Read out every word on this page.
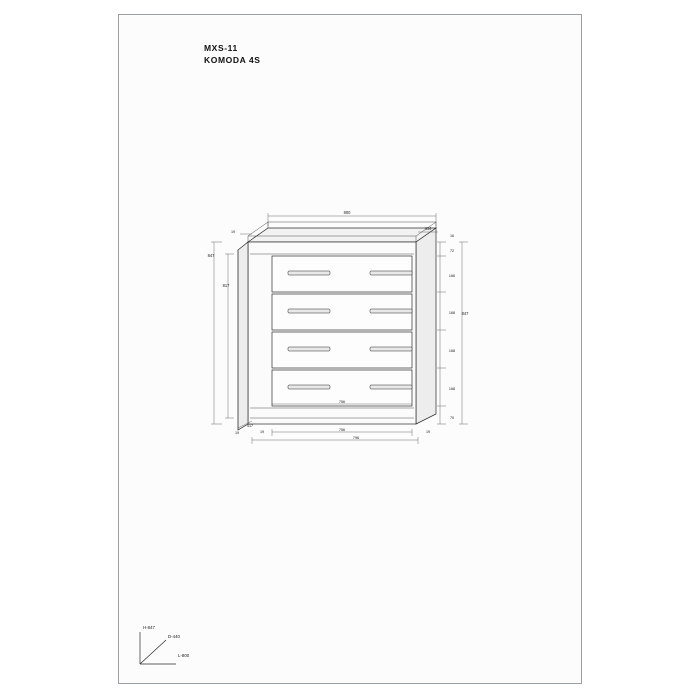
MXS-11
KOMODA 4S
800
414
19
847
817
16
72
166
168
168
168
70
847
756
756
796
19	19
417
19
H-847
D-440
L-800
